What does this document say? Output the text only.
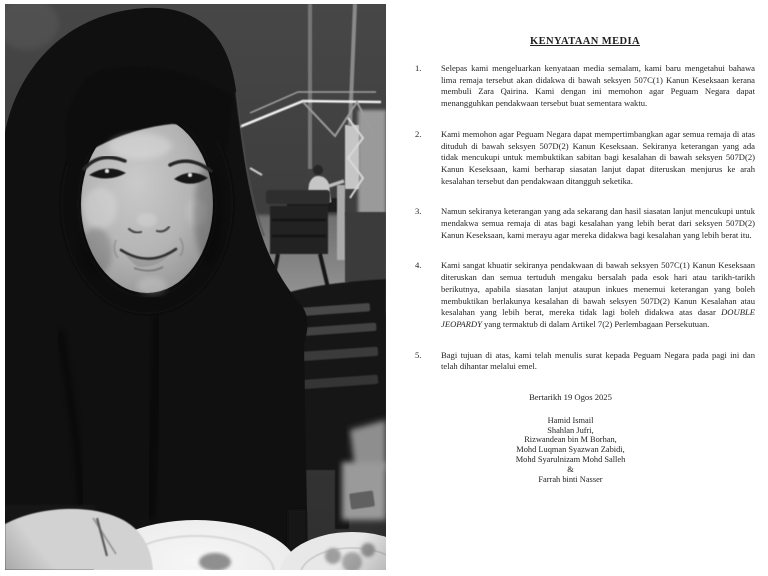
KENYATAAN MEDIA
1.	Selepas kami mengeluarkan kenyataan media semalam, kami baru mengetahui bahawa lima remaja tersebut akan didakwa di bawah seksyen 507C(1) Kanun Keseksaan kerana membuli Zara Qairina. Kami dengan ini memohon agar Peguam Negara dapat menangguhkan pendakwaan tersebut buat sementara waktu.
2.	Kami memohon agar Peguam Negara dapat mempertimbangkan agar semua remaja di atas dituduh di bawah seksyen 507D(2) Kanun Keseksaan. Sekiranya keterangan yang ada tidak mencukupi untuk membuktikan sabitan bagi kesalahan di bawah seksyen 507D(2) Kanun Keseksaan, kami berharap siasatan lanjut dapat diteruskan menjurus ke arah kesalahan tersebut dan pendakwaan ditangguh seketika.
3.	Namun sekiranya keterangan yang ada sekarang dan hasil siasatan lanjut mencukupi untuk mendakwa semua remaja di atas bagi kesalahan yang lebih berat dari seksyen 507D(2) Kanun Keseksaan, kami merayu agar mereka didakwa bagi kesalahan yang lebih berat itu.
4.	Kami sangat khuatir sekiranya pendakwaan di bawah seksyen 507C(1) Kanun Keseksaan diteruskan dan semua tertuduh mengaku bersalah pada esok hari atau tarikh-tarikh berikutnya, apabila siasatan lanjut ataupun inkues menemui keterangan yang boleh membuktikan berlakunya kesalahan di bawah seksyen 507D(2) Kanun Kesalahan atau kesalahan yang lebih berat, mereka tidak lagi boleh didakwa atas dasar DOUBLE JEOPARDY yang termaktub di dalam Artikel 7(2) Perlembagaan Persekutuan.
5.	Bagi tujuan di atas, kami telah menulis surat kepada Peguam Negara pada pagi ini dan telah dihantar melalui emel.
Bertarikh 19 Ogos 2025
Hamid Ismail
Shahlan Jufri,
Rizwandean bin M Borhan,
Mohd Luqman Syazwan Zabidi,
Mohd Syarulnizam Mohd Salleh
&
Farrah binti Nasser
